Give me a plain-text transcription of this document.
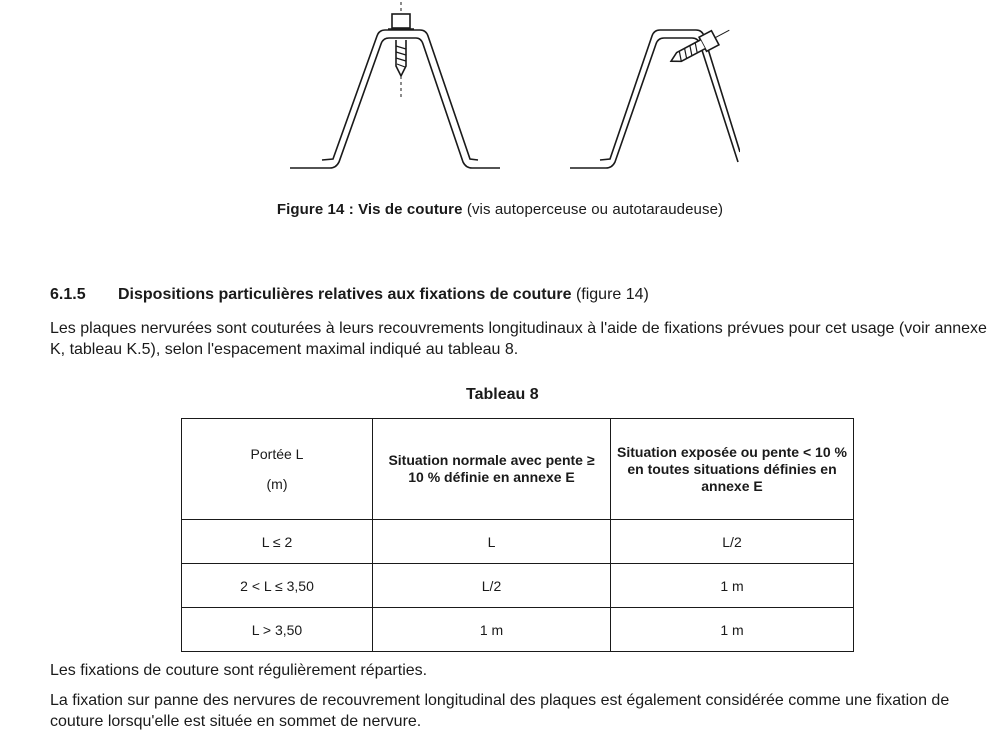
Figure 14 : Vis de couture (vis autoperceuse ou autotaraudeuse)
6.1.5 Dispositions particulières relatives aux fixations de couture (figure 14)
Les plaques nervurées sont couturées à leurs recouvrements longitudinaux à l'aide de fixations prévues pour cet usage (voir annexe K, tableau K.5), selon l'espacement maximal indiqué au tableau 8.
Tableau 8
Portée L
(m)	Situation normale avec pente ≥ 10 % définie en annexe E	Situation exposée ou pente < 10 % en toutes situations définies en annexe E
L ≤ 2	L	L/2
2 < L ≤ 3,50	L/2	1 m
L > 3,50	1 m	1 m
Les fixations de couture sont régulièrement réparties.
La fixation sur panne des nervures de recouvrement longitudinal des plaques est également considérée comme une fixation de couture lorsqu'elle est située en sommet de nervure.
